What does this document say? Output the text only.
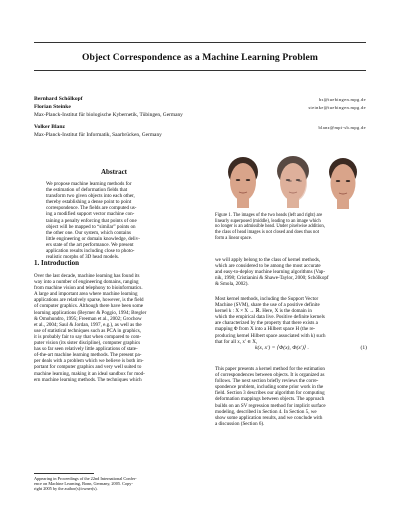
Object Correspondence as a Machine Learning Problem
Bernhard Schölkopf	bs@tuebingen.mpg.de
Florian Steinke	steinke@tuebingen.mpg.de
Max-Planck-Institut für biologische Kybernetik, Tübingen, Germany
Volker Blanz	blanz@mpi-sb.mpg.de
Max-Planck-Institut für Informatik, Saarbrücken, Germany
Abstract
We propose machine learning methods for
the estimation of deformation fields that
transform two given objects into each other,
thereby establishing a dense point to point
correspondence. The fields are computed us-
ing a modified support vector machine con-
taining a penalty enforcing that points of one
object will be mapped to “similar” points on
the other one. Our system, which contains
little engineering or domain knowledge, deliv-
ers state of the art performance. We present
application results including close to photo-
realistic morphs of 3D head models.
1. Introduction
Over the last decade, machine learning has found its
way into a number of engineering domains, ranging
from machine vision and telephony to bioinformatics.
A large and important area where machine learning
applications are relatively sparse, however, is the field
of computer graphics. Although there have been some
learning applications (Beymer & Poggio, 1994; Bregler
& Omohundro, 1995; Freeman et al., 2002; Grochow
et al., 2004; Saul & Jordan, 1997, e.g.), as well as the
use of statistical techniques such as PCA in graphics,
it is probably fair to say that when compared to com-
puter vision (its sister discipline), computer graphics
has so far seen relatively little applications of state-
of-the-art machine learning methods. The present pa-
per deals with a problem which we believe is both im-
portant for computer graphics and very well suited to
machine learning, making it an ideal sandbox for mod-
ern machine learning methods. The techniques which
Appearing in Proceedings of the 22nd International Confer-
ence on Machine Learning, Bonn, Germany, 2005. Copy-
right 2005 by the author(s)/owner(s).
Figure 1. The images of the two heads (left and right) are
linearly superposed (middle), leading to an image which
no longer is an admissible head. Under pixelwise addition,
the class of head images is not closed and does thus not
form a linear space.
we will apply belong to the class of kernel methods,
which are considered to be among the most accurate
and easy-to-deploy machine learning algorithms (Vap-
nik, 1998; Cristianini & Shawe-Taylor, 2000; Schölkopf
& Smola, 2002).
Most kernel methods, including the Support Vector
Machine (SVM), share the use of a positive definite
kernel k : X × X → ℝ. Here, X is the domain in
which the empirical data live. Positive definite kernels
are characterized by the property that there exists a
mapping Φ from X into a Hilbert space H (the re-
producing kernel Hilbert space associated with k) such
that for all x, x′ ∈ X,
k(x, x′) = ⟨Φ(x), Φ(x′)⟩ .	(1)
This paper presents a kernel method for the estimation
of correspondences between objects. It is organized as
follows. The next section briefly reviews the corre-
spondence problem, including some prior work in the
field. Section 3 describes our algorithm for computing
deformation mappings between objects. The approach
builds on an SV regression method for implicit surface
modeling, described in Section 4. In Section 5, we
show some application results, and we conclude with
a discussion (Section 6).
